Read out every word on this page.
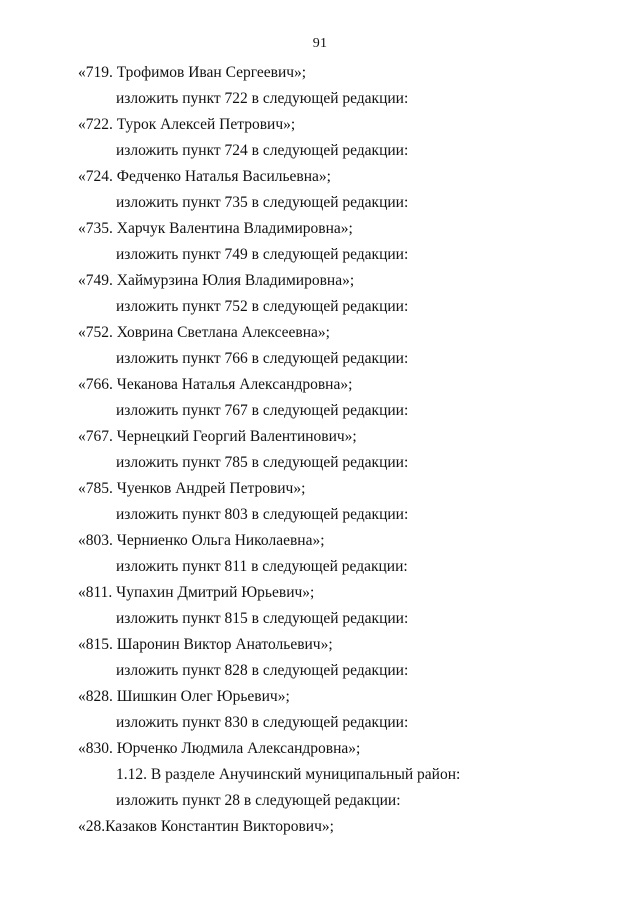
91
«719. Трофимов Иван Сергеевич»;
изложить пункт 722 в следующей редакции:
«722. Турок Алексей Петрович»;
изложить пункт 724 в следующей редакции:
«724. Федченко Наталья Васильевна»;
изложить пункт 735 в следующей редакции:
«735. Харчук Валентина Владимировна»;
изложить пункт 749 в следующей редакции:
«749. Хаймурзина Юлия Владимировна»;
изложить пункт 752 в следующей редакции:
«752. Ховрина Светлана Алексеевна»;
изложить пункт 766 в следующей редакции:
«766. Чеканова Наталья Александровна»;
изложить пункт 767 в следующей редакции:
«767. Чернецкий Георгий Валентинович»;
изложить пункт 785 в следующей редакции:
«785. Чуенков Андрей Петрович»;
изложить пункт 803 в следующей редакции:
«803. Черниенко Ольга Николаевна»;
изложить пункт 811 в следующей редакции:
«811. Чупахин Дмитрий Юрьевич»;
изложить пункт 815 в следующей редакции:
«815. Шаронин Виктор Анатольевич»;
изложить пункт 828 в следующей редакции:
«828. Шишкин Олег Юрьевич»;
изложить пункт 830 в следующей редакции:
«830. Юрченко Людмила Александровна»;
1.12. В разделе Анучинский муниципальный район:
изложить пункт 28 в следующей редакции:
«28.Казаков Константин Викторович»;
